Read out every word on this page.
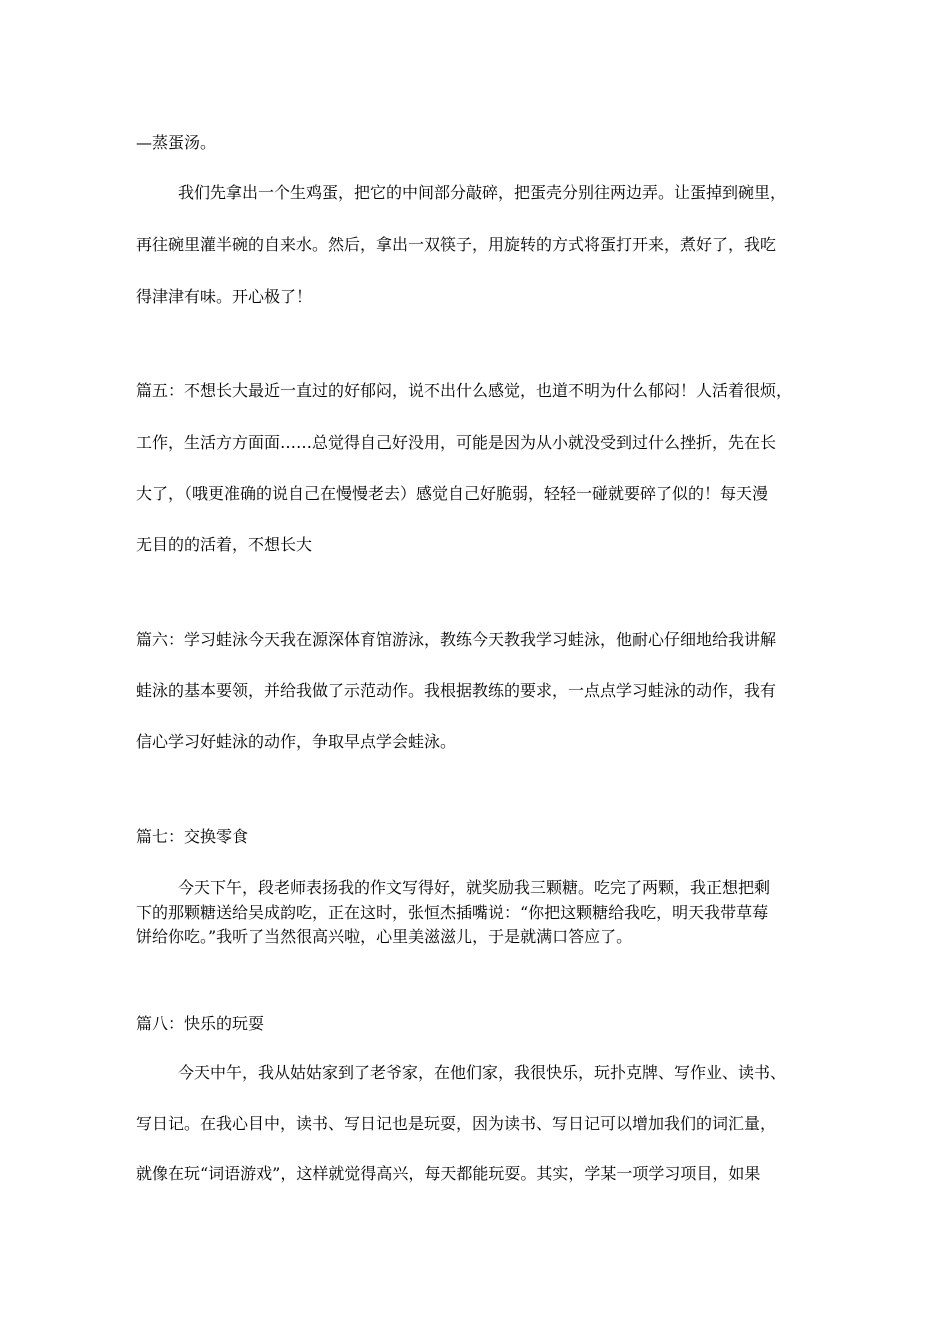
—蒸蛋汤。
我们先拿出一个生鸡蛋，把它的中间部分敲碎，把蛋壳分别往两边弄。让蛋掉到碗里，
再往碗里灌半碗的自来水。然后，拿出一双筷子，用旋转的方式将蛋打开来，煮好了，我吃
得津津有味。开心极了！
篇五：不想长大最近一直过的好郁闷，说不出什么感觉，也道不明为什么郁闷！人活着很烦，
工作，生活方方面面……总觉得自己好没用，可能是因为从小就没受到过什么挫折，先在长
大了，（哦更准确的说自己在慢慢老去）感觉自己好脆弱，轻轻一碰就要碎了似的！每天漫
无目的的活着，不想长大
篇六：学习蛙泳今天我在源深体育馆游泳，教练今天教我学习蛙泳，他耐心仔细地给我讲解
蛙泳的基本要领，并给我做了示范动作。我根据教练的要求，一点点学习蛙泳的动作，我有
信心学习好蛙泳的动作，争取早点学会蛙泳。
篇七：交换零食
今天下午，段老师表扬我的作文写得好，就奖励我三颗糖。吃完了两颗，我正想把剩
下的那颗糖送给吴成韵吃，正在这时，张恒杰插嘴说：“你把这颗糖给我吃，明天我带草莓
饼给你吃。”我听了当然很高兴啦，心里美滋滋儿，于是就满口答应了。
篇八：快乐的玩耍
今天中午，我从姑姑家到了老爷家，在他们家，我很快乐，玩扑克牌、写作业、读书、
写日记。在我心目中，读书、写日记也是玩耍，因为读书、写日记可以增加我们的词汇量，
就像在玩“词语游戏”，这样就觉得高兴，每天都能玩耍。其实，学某一项学习项目，如果
